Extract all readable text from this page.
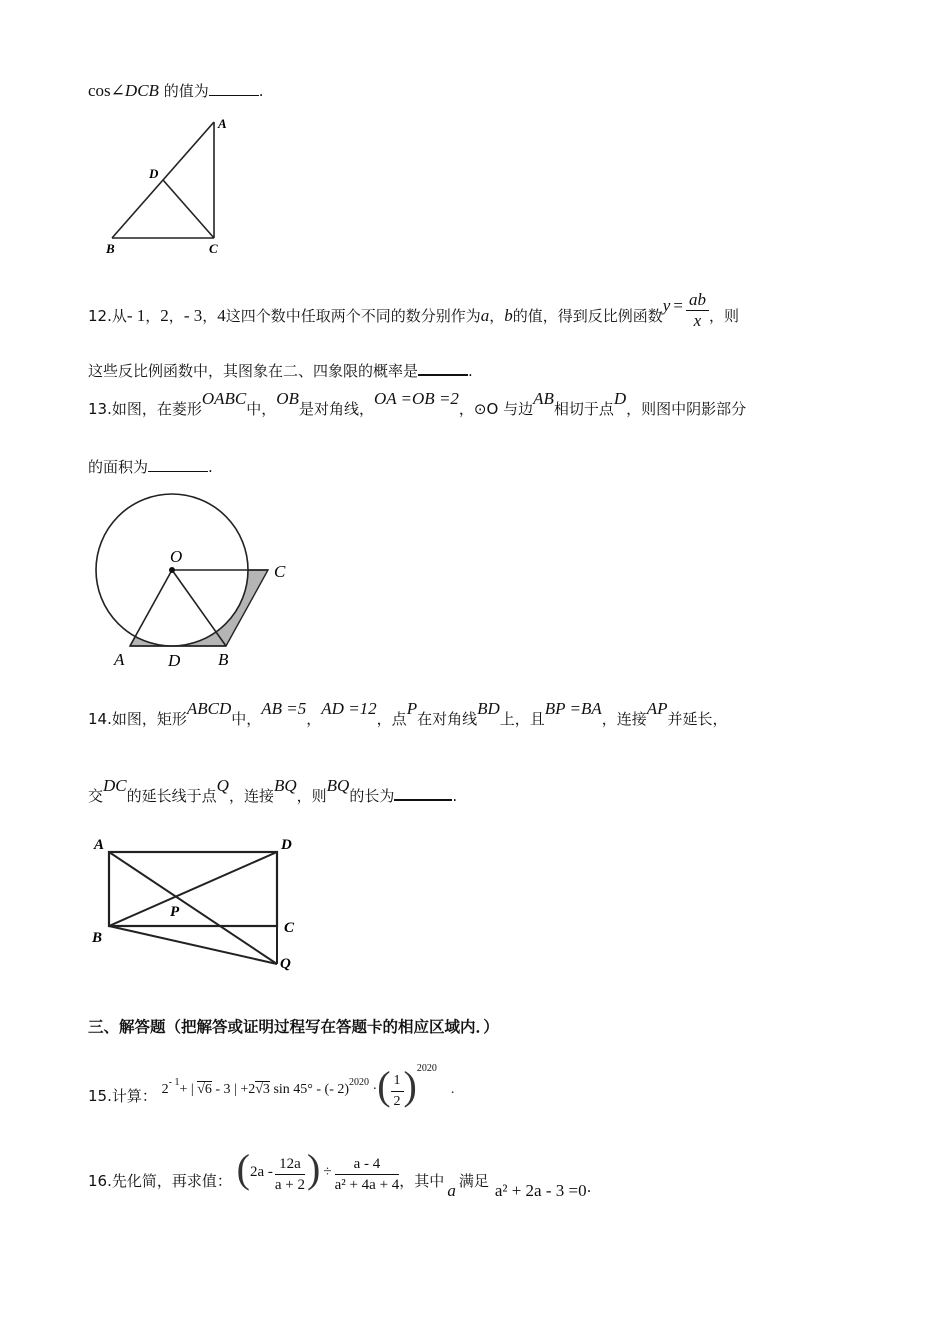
cos∠DCB 的值为	.
A
D
B	C
12.从- 1，2，- 3，4这四个数中任取两个不同的数分别作为a，b的值，得到反比例函数$y = \frac{ab}{x}$ ，则
这些反比例函数中，其图象在二、四象限的概率是	.
13.如图，在菱形OABC中，OB是对角线，OA =OB =2，⊙O 与边AB相切于点D，则图中阴影部分
的面积为	.
O
C
A	D B
14.如图，矩形ABCD中，AB =5，AD =12，点P在对角线BD上，且BP =BA，连接AP并延长，
交DC的延长线于点Q，连接BQ，则BQ的长为	.
A	D
P
C
B
Q
三、解答题（把解答或证明过程写在答题卡的相应区域内．）
15.计算： $2^{- 1}+$ | √6 - 3 | +2√3 sin 45° - (- 2)$^{2020}$ ·( $\frac{1}{2} )^{2020}$.
16.先化简，再求值： ($2a - \frac{12a}{a + 2}$ ) ÷ $\frac{a - 4}{\text{a² + 4a + 4}}$ ，其中 a 满足 a² + 2a - 3 =0.
